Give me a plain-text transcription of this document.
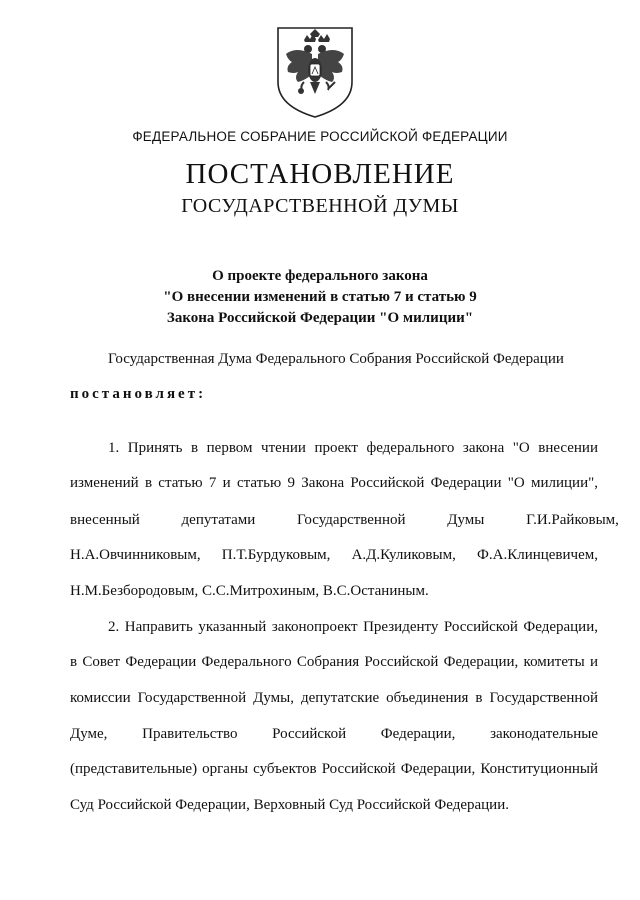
ФЕДЕРАЛЬНОЕ СОБРАНИЕ РОССИЙСКОЙ ФЕДЕРАЦИИ
ПОСТАНОВЛЕНИЕ
ГОСУДАРСТВЕННОЙ ДУМЫ
О проекте федерального закона
"О внесении изменений в статью 7 и статью 9
Закона Российской Федерации "О милиции"
Государственная Дума Федерального Собрания Российской Федерации
постановляет:
1. Принять в первом чтении проект федерального закона "О внесении
изменений в статью 7 и статью 9 Закона Российской Федерации "О милиции",
внесенный депутатами Государственной Думы Г.И.Райковым,
Н.А.Овчинниковым, П.Т.Бурдуковым, А.Д.Куликовым, Ф.А.Клинцевичем,
Н.М.Безбородовым, С.С.Митрохиным, В.С.Останиным.
2. Направить указанный законопроект Президенту Российской Федерации,
в Совет Федерации Федерального Собрания Российской Федерации, комитеты и
комиссии Государственной Думы, депутатские объединения в Государственной
Думе, Правительство Российской Федерации, законодательные
(представительные) органы субъектов Российской Федерации, Конституционный
Суд Российской Федерации, Верховный Суд Российской Федерации.
